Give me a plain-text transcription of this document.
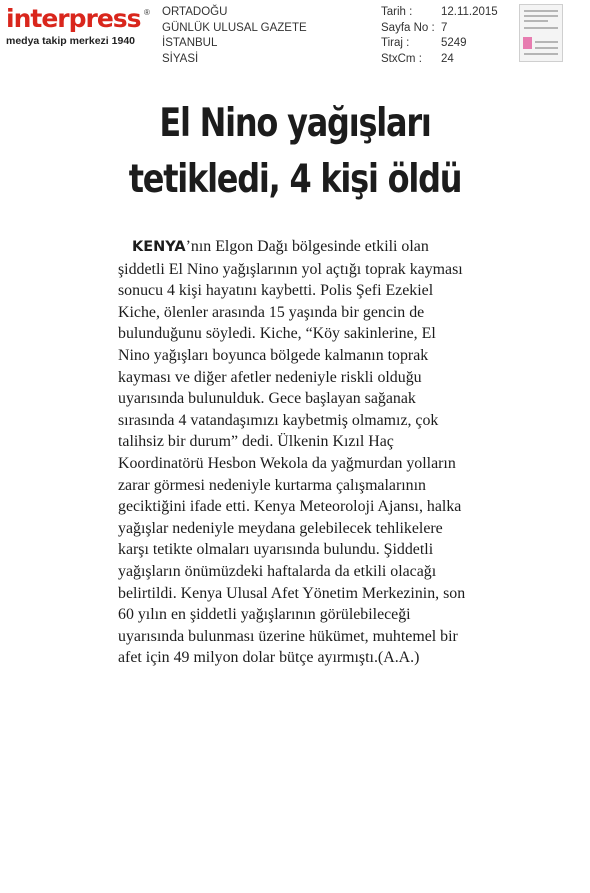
interpress ®
medya takip merkezi 1940
ORTADOĞU
GÜNLÜK ULUSAL GAZETE
İSTANBUL
SİYASİ
Tarih :	12.11.2015
Sayfa No : 7
Tiraj :	5249
StxCm :	24
El Nino yağışları
tetikledi, 4 kişi öldü

KENYA’nın Elgon Dağı bölgesinde etkili olan şiddetli El Nino yağışlarının yol açtığı toprak kayması sonucu 4 kişi hayatını kaybetti. Polis Şefi Ezekiel Kiche, ölenler arasında 15 yaşında bir gencin de bulunduğunu söyledi. Kiche, “Köy sakinlerine, El Nino yağışları boyunca bölgede kalmanın toprak kayması ve diğer afetler nedeniyle riskli olduğu uyarısında bulunulduk. Gece başlayan sağanak sırasında 4 vatandaşımızı kaybetmiş olmamız, çok talihsiz bir durum” dedi. Ülkenin Kızıl Haç Koordinatörü Hesbon Wekola da yağmurdan yolların zarar görmesi nedeniyle kurtarma çalışmalarının geciktiğini ifade etti. Kenya Meteoroloji Ajansı, halka yağışlar nedeniyle meydana gelebilecek tehlikelere karşı tetikte olmaları uyarısında bulundu. Şiddetli yağışların önümüzdeki haftalarda da etkili olacağı belirtildi. Kenya Ulusal Afet Yönetim Merkezinin, son 60 yılın en şiddetli yağışlarının görülebileceği uyarısında bulunması üzerine hükümet, muhtemel bir afet için 49 milyon dolar bütçe ayırmıştı.(A.A.)
